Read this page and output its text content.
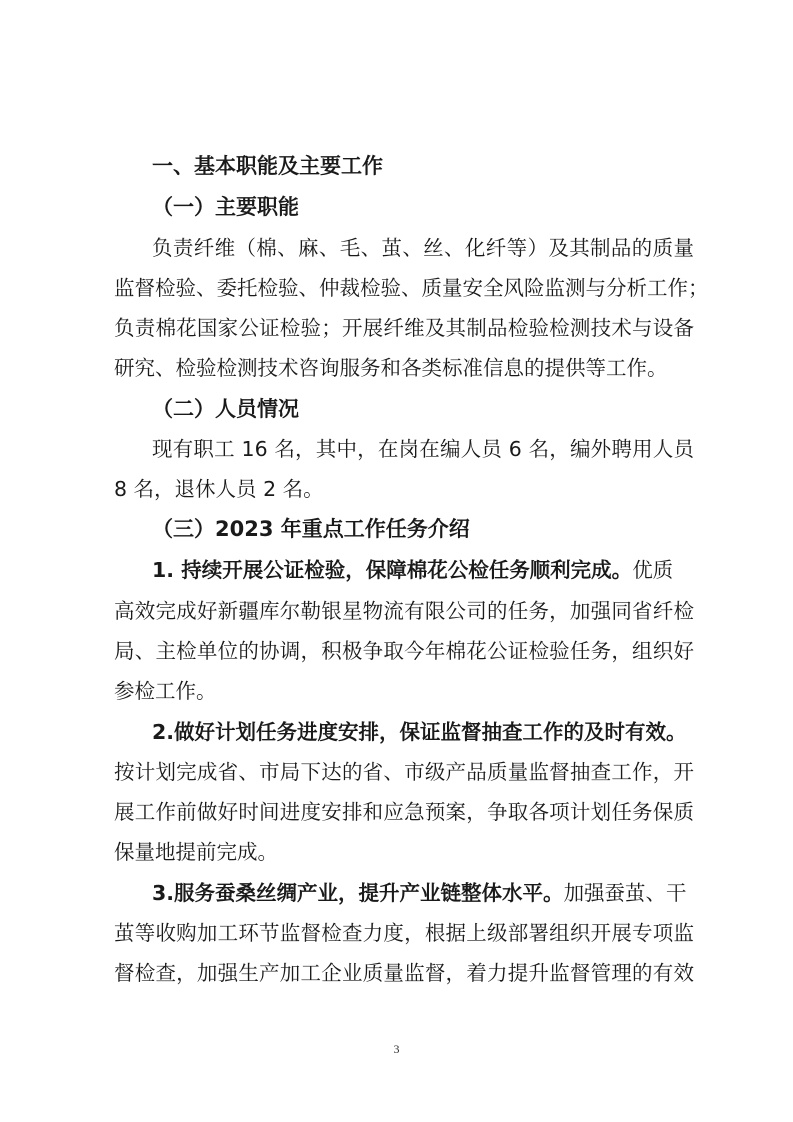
一、基本职能及主要工作
（一）主要职能
负责纤维（棉、麻、毛、茧、丝、化纤等）及其制品的质量
监督检验、委托检验、仲裁检验、质量安全风险监测与分析工作；
负责棉花国家公证检验；开展纤维及其制品检验检测技术与设备
研究、检验检测技术咨询服务和各类标准信息的提供等工作。
（二）人员情况
现有职工 16 名，其中，在岗在编人员 6 名，编外聘用人员
8 名，退休人员 2 名。
（三）2023 年重点工作任务介绍
1. 持续开展公证检验，保障棉花公检任务顺利完成。优质
高效完成好新疆库尔勒银星物流有限公司的任务，加强同省纤检
局、主检单位的协调，积极争取今年棉花公证检验任务，组织好
参检工作。
2.做好计划任务进度安排，保证监督抽查工作的及时有效。
按计划完成省、市局下达的省、市级产品质量监督抽查工作，开
展工作前做好时间进度安排和应急预案，争取各项计划任务保质
保量地提前完成。
3.服务蚕桑丝绸产业，提升产业链整体水平。加强蚕茧、干
茧等收购加工环节监督检查力度，根据上级部署组织开展专项监
督检查，加强生产加工企业质量监督，着力提升监督管理的有效
3
